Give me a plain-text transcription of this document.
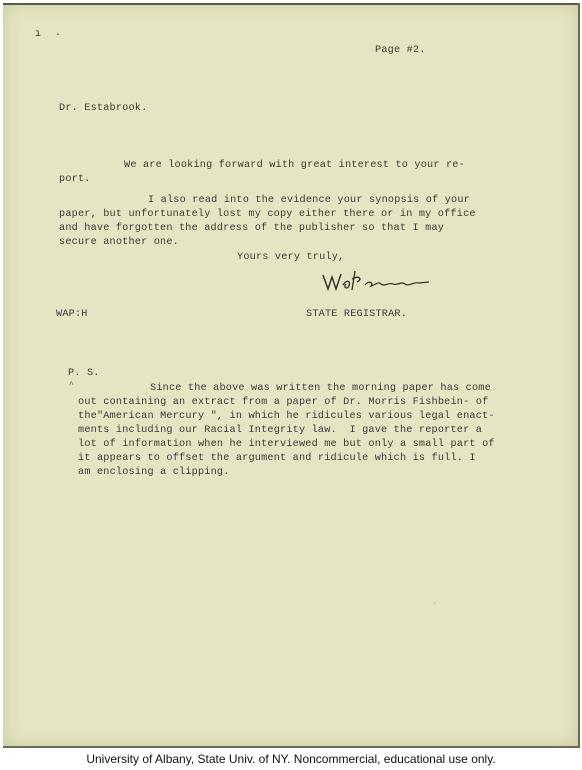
ı ·
Page #2.
Dr. Estabrook.
We are looking forward with great interest to your re-
port.
I also read into the evidence your synopsis of your
paper, but unfortunately lost my copy either there or in my office
and have forgotten the address of the publisher so that I may
secure another one.
Yours very truly,
WAP:H	STATE REGISTRAR.
P. S.
^	Since the above was written the morning paper has come
out containing an extract from a paper of Dr. Morris Fishbein- of
the"American Mercury ", in which he ridicules various legal enact-
ments including our Racial Integrity law.  I gave the reporter a
lot of information when he interviewed me but only a small part of
it appears to offset the argument and ridicule which is full. I
am enclosing a clipping.
·
University of Albany, State Univ. of NY. Noncommercial, educational use only.
